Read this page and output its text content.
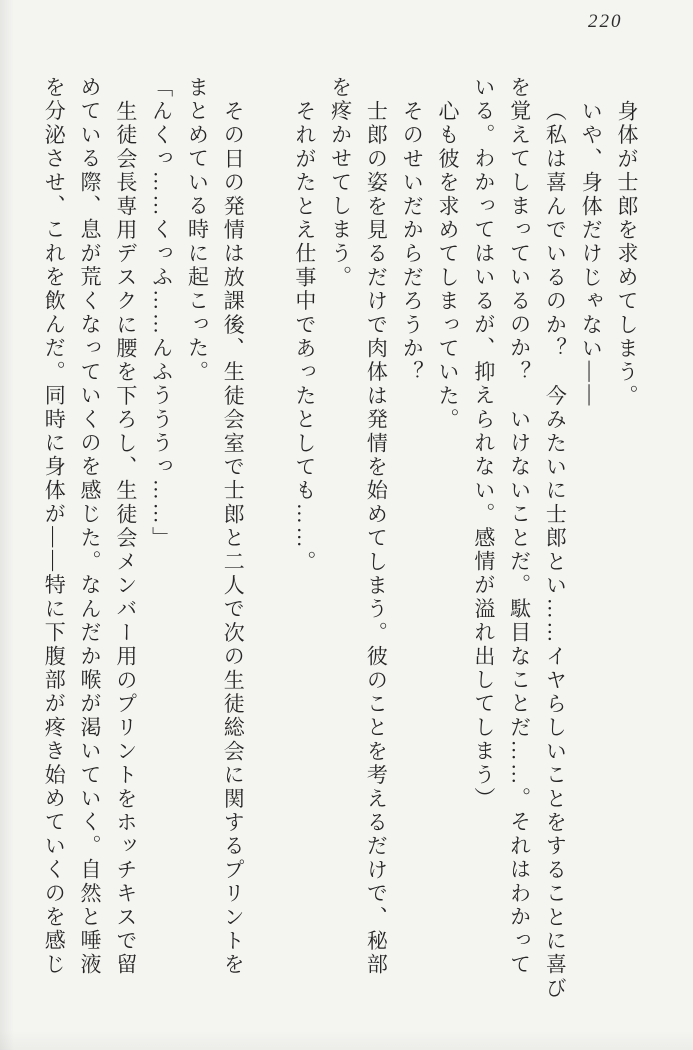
220
身体が士郎を求めてしまう。
いや、身体だけじゃない――
（私は喜んでいるのか？　今みたいに士郎とい……イヤらしいことをすることに喜び
を覚えてしまっているのか？　いけないことだ。駄目なことだ……。それはわかって
いる。わかってはいるが、抑えられない。感情が溢れ出してしまう）
心も彼を求めてしまっていた。
そのせいだからだろうか？
士郎の姿を見るだけで肉体は発情を始めてしまう。彼のことを考えるだけで、秘部
を疼かせてしまう。
それがたとえ仕事中であったとしても……。
その日の発情は放課後、生徒会室で士郎と二人で次の生徒総会に関するプリントを
まとめている時に起こった。
「んくっ……くっふ……んふうううっ……」
生徒会長専用デスクに腰を下ろし、生徒会メンバー用のプリントをホッチキスで留
めている際、息が荒くなっていくのを感じた。なんだか喉が渇いていく。自然と唾液
を分泌させ、これを飲んだ。同時に身体が――特に下腹部が疼き始めていくのを感じ
